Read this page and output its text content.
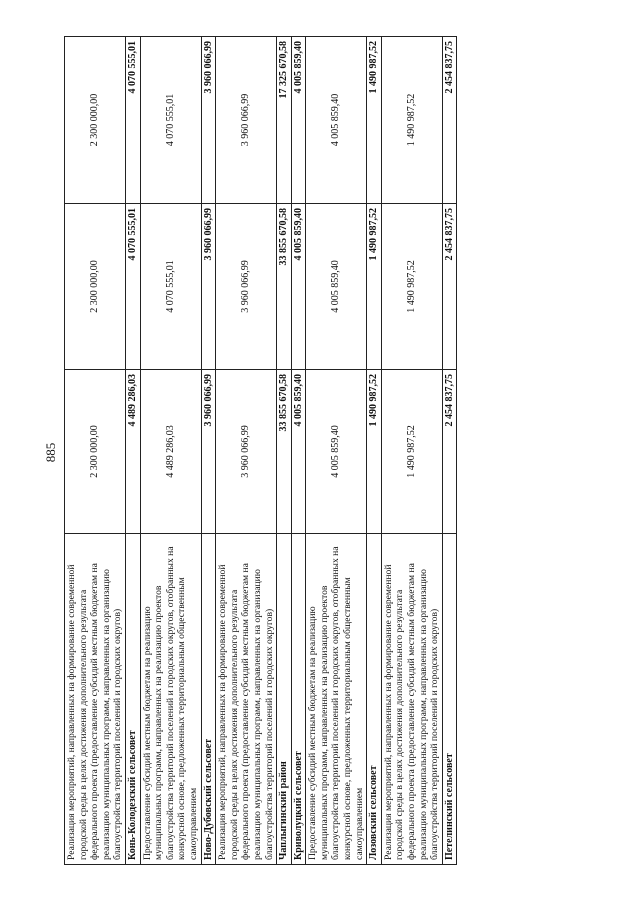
885
Реализация мероприятий, направленных на формирование современной городской среды в целях достижения дополнительного результата федерального проекта (предоставление субсидий местным бюджетам на реализацию муниципальных программ, направленных на организацию благоустройства территорий поселений и городских округов)	2 300 000,00	2 300 000,00	2 300 000,00
Конь-Колодезский сельсовет	4 489 286,03	4 070 555,01	4 070 555,01
Предоставление субсидий местным бюджетам на реализацию муниципальных программ, направленных на реализацию проектов благоустройства территорий поселений и городских округов, отобранных на конкурсной основе, предложенных территориальным общественным самоуправлением	4 489 286,03	4 070 555,01	4 070 555,01
Ново-Дубовский сельсовет	3 960 066,99	3 960 066,99	3 960 066,99
Реализация мероприятий, направленных на формирование современной городской среды в целях достижения дополнительного результата федерального проекта (предоставление субсидий местным бюджетам на реализацию муниципальных программ, направленных на организацию благоустройства территорий поселений и городских округов)	3 960 066,99	3 960 066,99	3 960 066,99
Чаплыгинский район	33 855 670,58	33 855 670,58	17 325 670,58
Криволуцкий сельсовет	4 005 859,40	4 005 859,40	4 005 859,40
Предоставление субсидий местным бюджетам на реализацию муниципальных программ, направленных на реализацию проектов благоустройства территорий поселений и городских округов, отобранных на конкурсной основе, предложенных территориальным общественным самоуправлением	4 005 859,40	4 005 859,40	4 005 859,40
Лозовский сельсовет	1 490 987,52	1 490 987,52	1 490 987,52
Реализация мероприятий, направленных на формирование современной городской среды в целях достижения дополнительного результата федерального проекта (предоставление субсидий местным бюджетам на реализацию муниципальных программ, направленных на организацию благоустройства территорий поселений и городских округов)	1 490 987,52	1 490 987,52	1 490 987,52
Петелинский сельсовет	2 454 837,75	2 454 837,75	2 454 837,75
